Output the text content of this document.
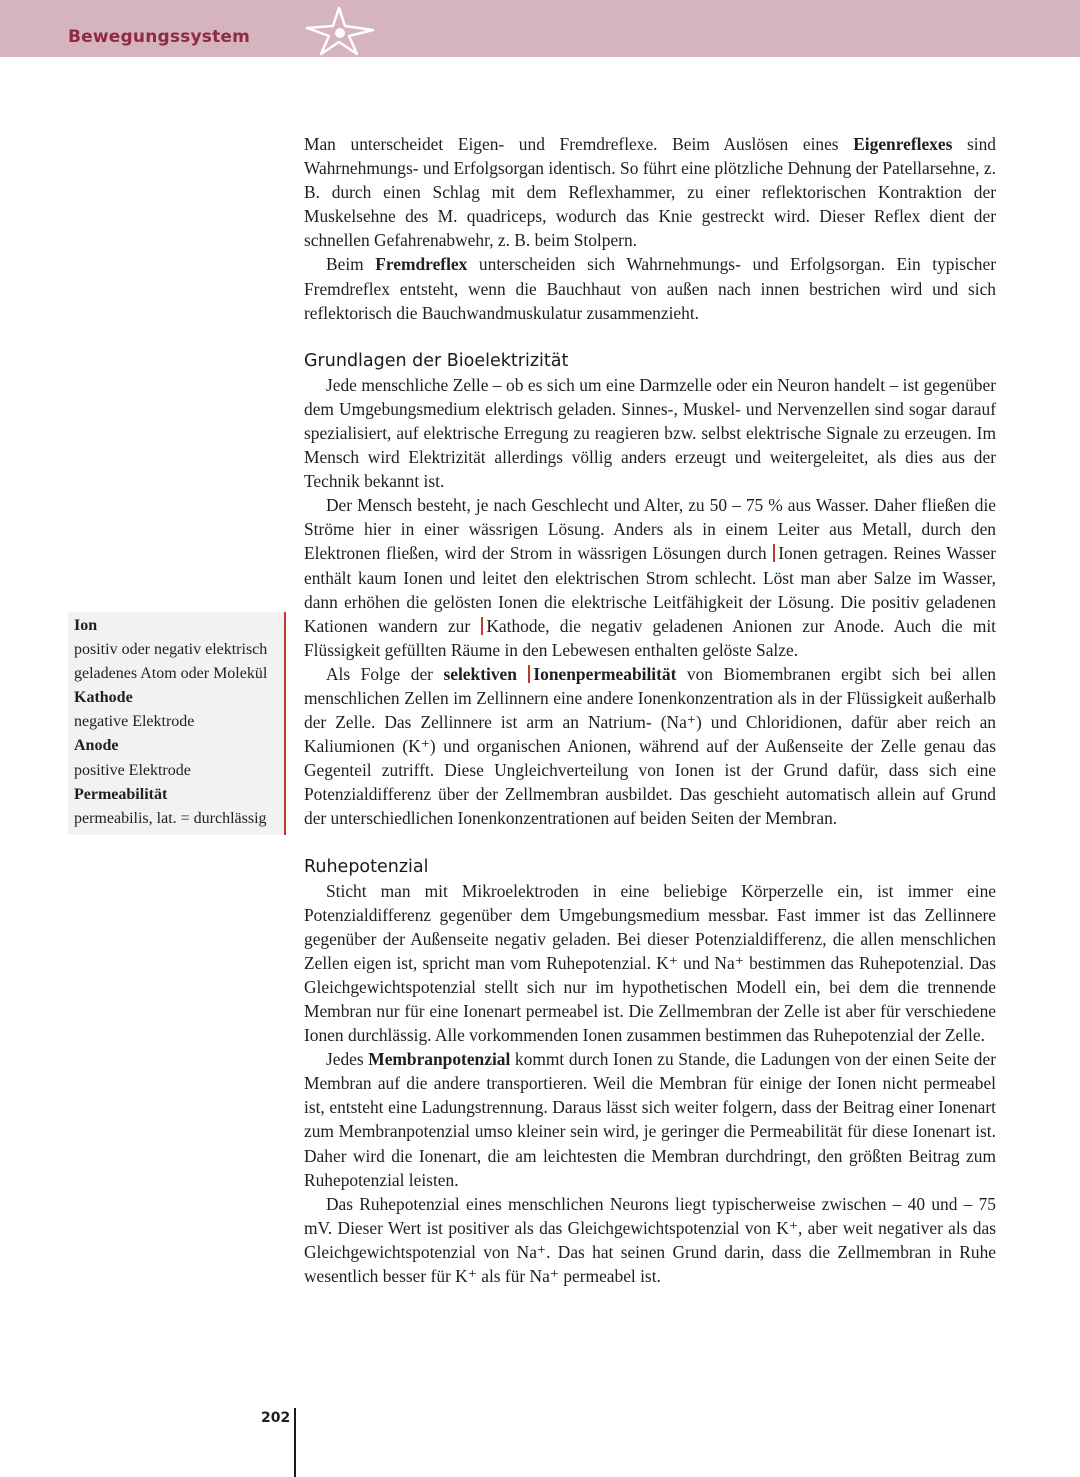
Bewegungssystem

Man unterscheidet Eigen- und Fremdreflexe. Beim Auslösen eines Eigenreflexes sind Wahrnehmungs- und Erfolgsorgan identisch. So führt eine plötzliche Dehnung der Patellarsehne, z. B. durch einen Schlag mit dem Reflexhammer, zu einer reflektorischen Kontraktion der Muskelsehne des M. quadriceps, wodurch das Knie gestreckt wird. Dieser Reflex dient der schnellen Gefahrenabwehr, z. B. beim Stolpern.

Beim Fremdreflex unterscheiden sich Wahrnehmungs- und Erfolgsorgan. Ein typischer Fremdreflex entsteht, wenn die Bauchhaut von außen nach innen bestrichen wird und sich reflektorisch die Bauchwandmuskulatur zusammenzieht.

Grundlagen der Bioelektrizität

Jede menschliche Zelle – ob es sich um eine Darmzelle oder ein Neuron handelt – ist gegenüber dem Umgebungsmedium elektrisch geladen. Sinnes-, Muskel- und Nervenzellen sind sogar darauf spezialisiert, auf elektrische Erregung zu reagieren bzw. selbst elektrische Signale zu erzeugen. Im Mensch wird Elektrizität allerdings völlig anders erzeugt und weitergeleitet, als dies aus der Technik bekannt ist.

Der Mensch besteht, je nach Geschlecht und Alter, zu 50 – 75 % aus Wasser. Daher fließen die Ströme hier in einer wässrigen Lösung. Anders als in einem Leiter aus Metall, durch den Elektronen fließen, wird der Strom in wässrigen Lösungen durch Ionen getragen. Reines Wasser enthält kaum Ionen und leitet den elektrischen Strom schlecht. Löst man aber Salze im Wasser, dann erhöhen die gelösten Ionen die elektrische Leitfähigkeit der Lösung. Die positiv geladenen Kationen wandern zur Kathode, die negativ geladenen Anionen zur Anode. Auch die mit Flüssigkeit gefüllten Räume in den Lebewesen enthalten gelöste Salze.

Als Folge der selektiven Ionenpermeabilität von Biomembranen ergibt sich bei allen menschlichen Zellen im Zellinnern eine andere Ionenkonzentration als in der Flüssigkeit außerhalb der Zelle. Das Zellinnere ist arm an Natrium- (Na⁺) und Chloridionen, dafür aber reich an Kaliumionen (K⁺) und organischen Anionen, während auf der Außenseite der Zelle genau das Gegenteil zutrifft. Diese Ungleichverteilung von Ionen ist der Grund dafür, dass sich eine Potenzialdifferenz über der Zellmembran ausbildet. Das geschieht automatisch allein auf Grund der unterschiedlichen Ionenkonzentrationen auf beiden Seiten der Membran.

Ruhepotenzial

Sticht man mit Mikroelektroden in eine beliebige Körperzelle ein, ist immer eine Potenzialdifferenz gegenüber dem Umgebungsmedium messbar. Fast immer ist das Zellinnere gegenüber der Außenseite negativ geladen. Bei dieser Potenzialdifferenz, die allen menschlichen Zellen eigen ist, spricht man vom Ruhepotenzial. K⁺ und Na⁺ bestimmen das Ruhepotenzial. Das Gleichgewichtspotenzial stellt sich nur im hypothetischen Modell ein, bei dem die trennende Membran nur für eine Ionenart permeabel ist. Die Zellmembran der Zelle ist aber für verschiedene Ionen durchlässig. Alle vorkommenden Ionen zusammen bestimmen das Ruhepotenzial der Zelle.

Jedes Membranpotenzial kommt durch Ionen zu Stande, die Ladungen von der einen Seite der Membran auf die andere transportieren. Weil die Membran für einige der Ionen nicht permeabel ist, entsteht eine Ladungstrennung. Daraus lässt sich weiter folgern, dass der Beitrag einer Ionenart zum Membranpotenzial umso kleiner sein wird, je geringer die Permeabilität für diese Ionenart ist. Daher wird die Ionenart, die am leichtesten die Membran durchdringt, den größten Beitrag zum Ruhepotenzial leisten.

Das Ruhepotenzial eines menschlichen Neurons liegt typischerweise zwischen – 40 und – 75 mV. Dieser Wert ist positiver als das Gleichgewichtspotenzial von K⁺, aber weit negativer als das Gleichgewichtspotenzial von Na⁺. Das hat seinen Grund darin, dass die Zellmembran in Ruhe wesentlich besser für K⁺ als für Na⁺ permeabel ist.

Ion
positiv oder negativ elektrisch geladenes Atom oder Molekül
Kathode
negative Elektrode
Anode
positive Elektrode
Permeabilität
permeabilis, lat. = durchlässig
202
